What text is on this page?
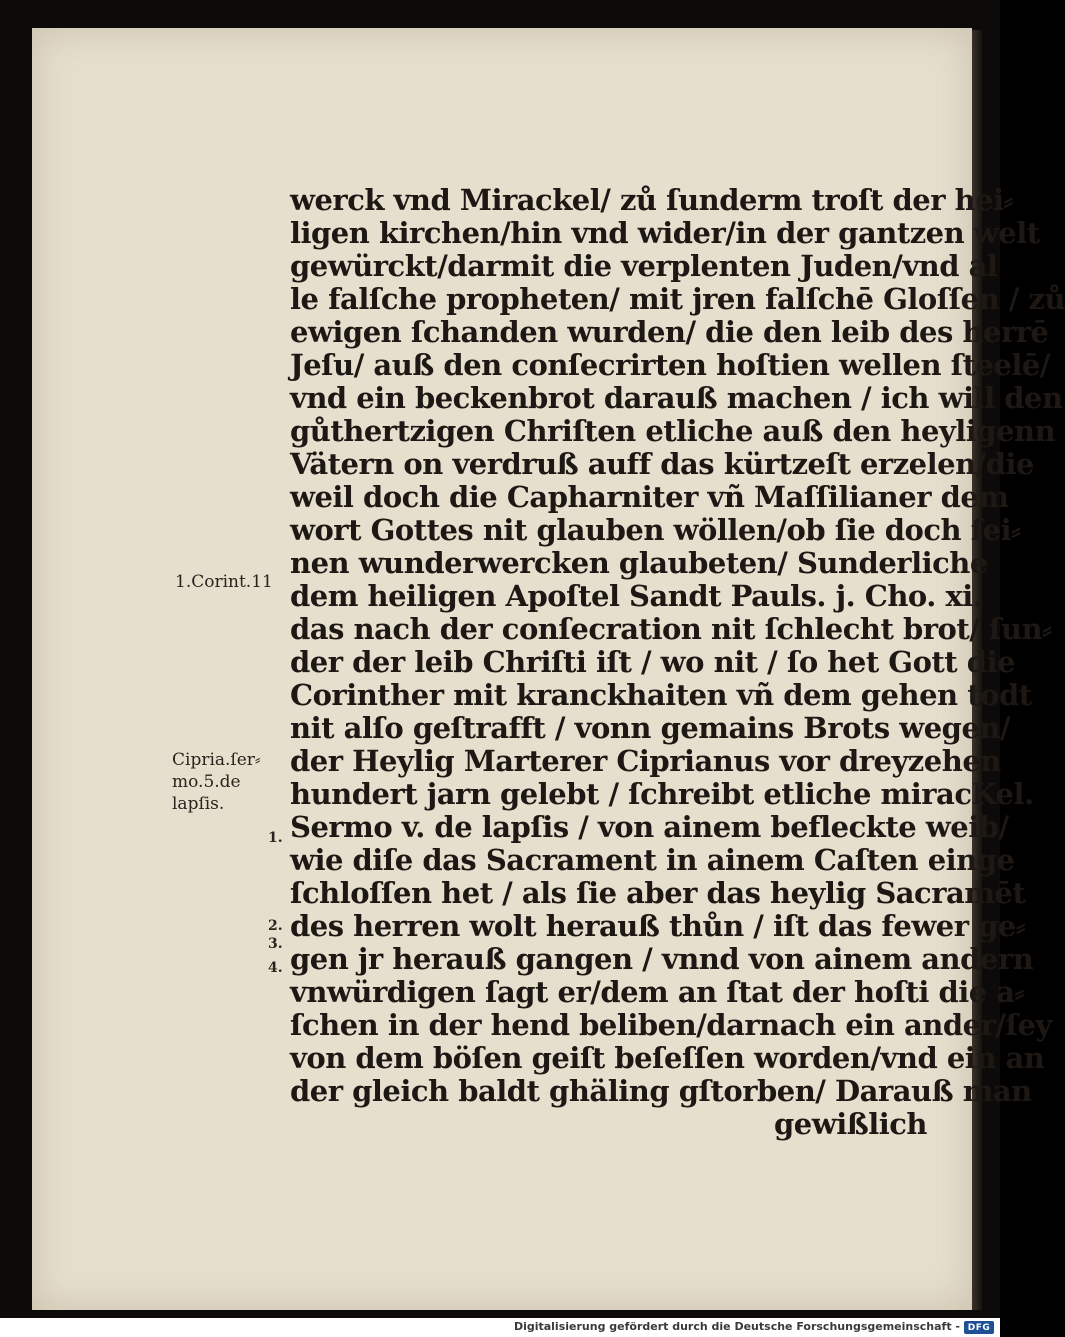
werck vnd Mirackel/ zů ſunderm troſt der hei⸗
ligen kirchen/hin vnd wider/in der gantzen welt
gewürckt/darmit die verplenten Juden/vnd al
le falſche propheten/ mit jren falſchē Gloſſen / zů
ewigen ſchanden wurden/ die den leib des herrē
Jeſu/ auß den conſecrirten hoſtien wellen ſteelē/
vnd ein beckenbrot darauß machen / ich will den
gůthertzigen Chriſten etliche auß den heyligenn
Vätern on verdruß auff das kürtzeſt erzelen/die
weil doch die Capharniter vñ Maſſilianer dem
wort Gottes nit glauben wöllen/ob ſie doch ſei⸗
nen wunderwercken glaubeten/ Sunderliche
dem heiligen Apoſtel Sandt Pauls. j. Cho. xi.
das nach der conſecration nit ſchlecht brot/ ſun⸗
der der leib Chriſti iſt / wo nit / ſo het Gott die
Corinther mit kranckhaiten vñ dem gehen todt
nit alſo geſtrafft / vonn gemains Brots wegen/
der Heylig Marterer Ciprianus vor dreyzehen
hundert jarn gelebt / ſchreibt etliche miracKel.
Sermo v. de lapſis / von ainem befleckte weib/
wie diſe das Sacrament in ainem Caſten einge
ſchloſſen het / als ſie aber das heylig Sacramēt
des herren wolt herauß thůn / iſt das fewer ge⸗
gen jr herauß gangen / vnnd von ainem andern
vnwürdigen ſagt er/dem an ſtat der hoſti die a⸗
ſchen in der hend beliben/darnach ein ander/ſey
von dem böſen geiſt beſeſſen worden/vnd ein an
der gleich baldt ghäling gſtorben/ Darauß man
gewißlich
1.Corint.11
Cipria.ſer⸗
mo.5.de
lapſis.
1.
2.
3.
4.
Digitalisierung gefördert durch die Deutsche Forschungsgemeinschaft - DFG
